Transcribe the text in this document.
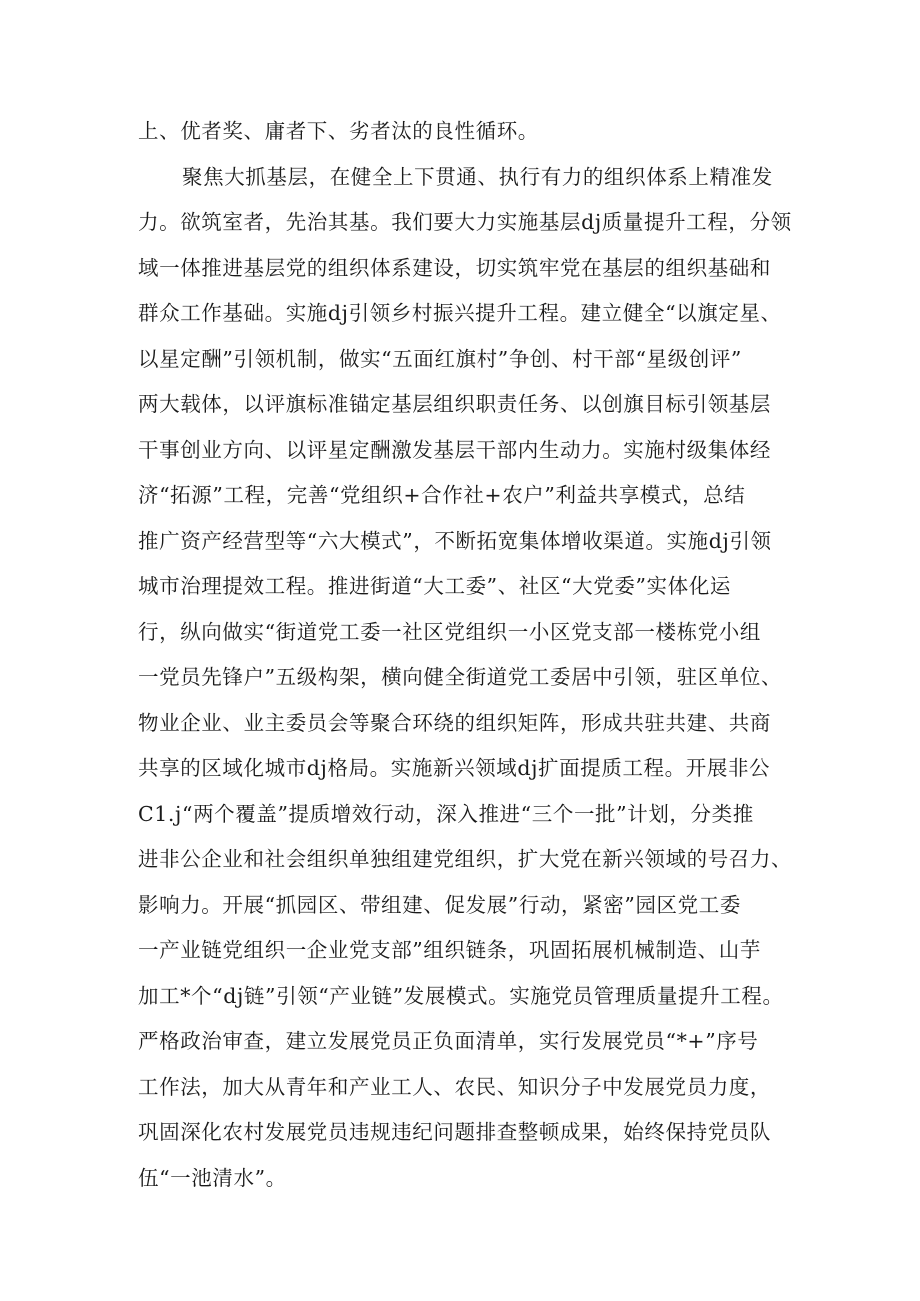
上、优者奖、庸者下、劣者汰的良性循环。
聚焦大抓基层，在健全上下贯通、执行有力的组织体系上精准发
力。欲筑室者，先治其基。我们要大力实施基层dj质量提升工程，分领
域一体推进基层党的组织体系建设，切实筑牢党在基层的组织基础和
群众工作基础。实施dj引领乡村振兴提升工程。建立健全“以旗定星、
以星定酬”引领机制，做实“五面红旗村”争创、村干部“星级创评”
两大载体，以评旗标准锚定基层组织职责任务、以创旗目标引领基层
干事创业方向、以评星定酬激发基层干部内生动力。实施村级集体经
济“拓源”工程，完善“党组织+合作社+农户”利益共享模式，总结
推广资产经营型等“六大模式”，不断拓宽集体增收渠道。实施dj引领
城市治理提效工程。推进街道“大工委”、社区“大党委”实体化运
行，纵向做实“街道党工委一社区党组织一小区党支部一楼栋党小组
一党员先锋户”五级构架，横向健全街道党工委居中引领，驻区单位、
物业企业、业主委员会等聚合环绕的组织矩阵，形成共驻共建、共商
共享的区域化城市dj格局。实施新兴领域dj扩面提质工程。开展非公
C1.j“两个覆盖”提质增效行动，深入推进“三个一批”计划，分类推
进非公企业和社会组织单独组建党组织，扩大党在新兴领域的号召力、
影响力。开展“抓园区、带组建、促发展”行动，紧密”园区党工委
一产业链党组织一企业党支部”组织链条，巩固拓展机械制造、山芋
加工*个“dj链”引领“产业链”发展模式。实施党员管理质量提升工程。
严格政治审查，建立发展党员正负面清单，实行发展党员“*+”序号
工作法，加大从青年和产业工人、农民、知识分子中发展党员力度，
巩固深化农村发展党员违规违纪问题排查整顿成果，始终保持党员队
伍“一池清水”。
